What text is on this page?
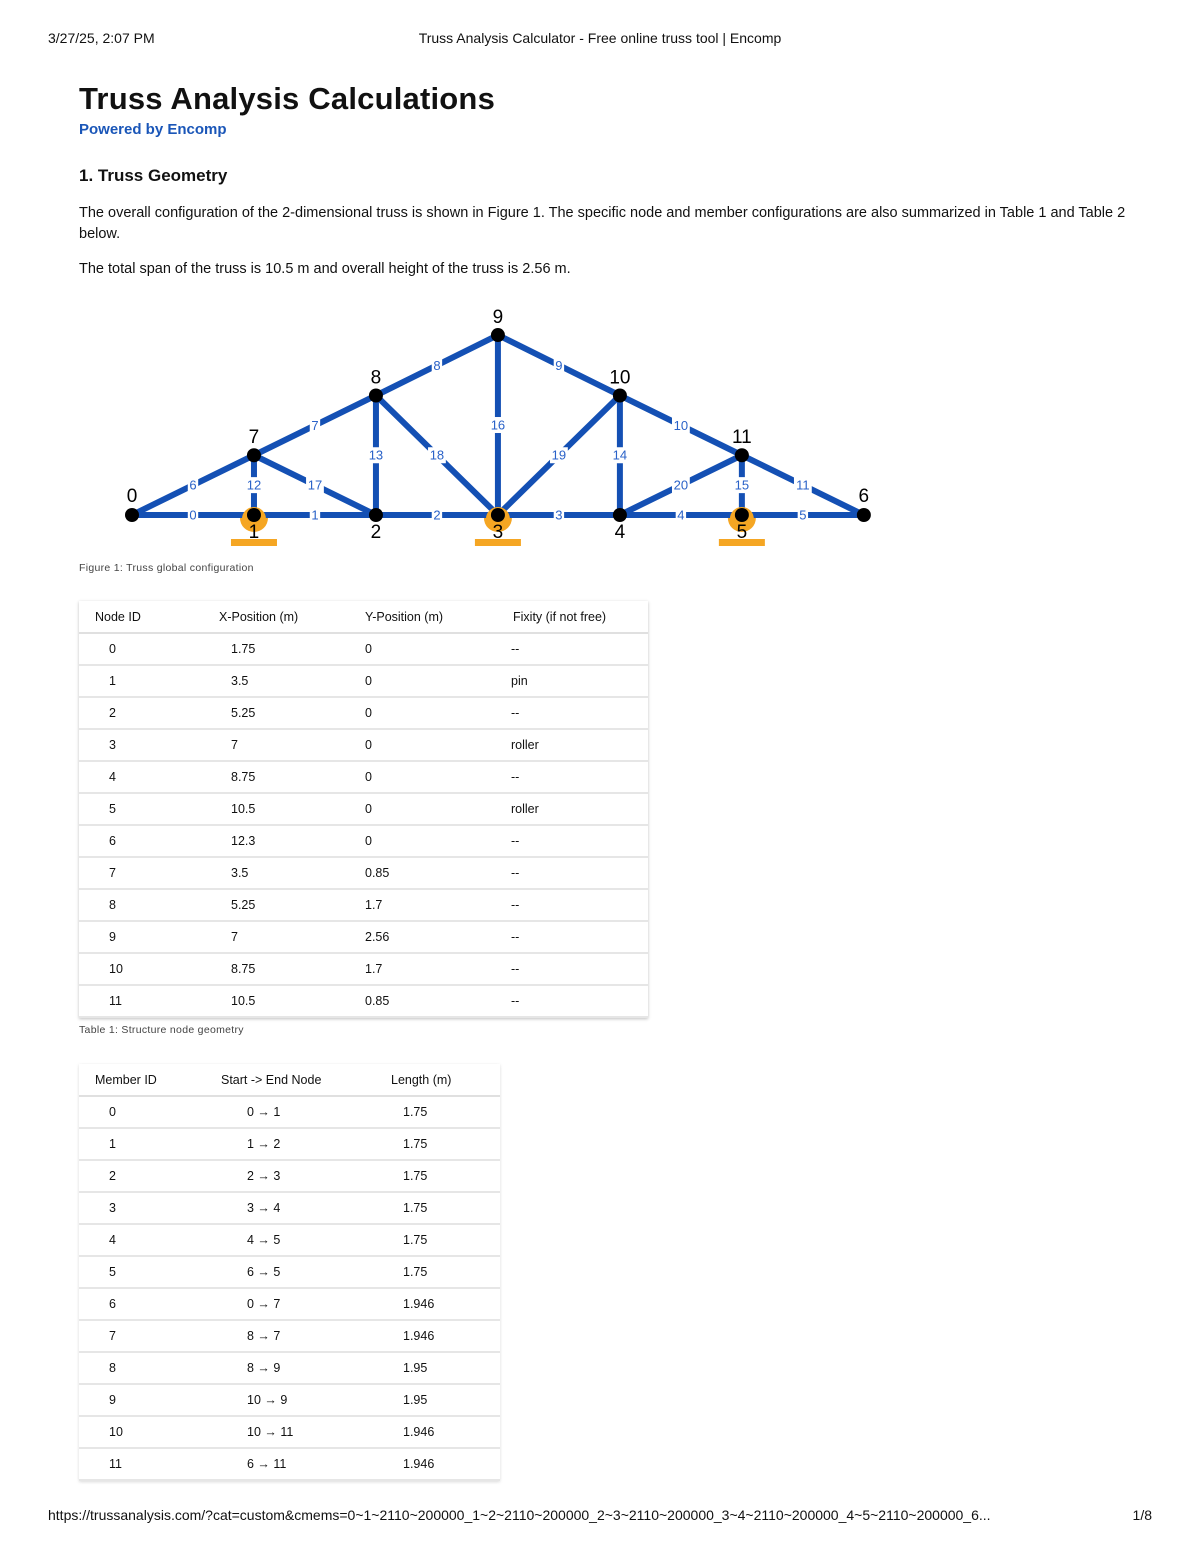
3/27/25, 2:07 PM	Truss Analysis Calculator - Free online truss tool | Encomp
Truss Analysis Calculations
Powered by Encomp
1. Truss Geometry

The overall configuration of the 2-dimensional truss is shown in Figure 1. The specific node and member configurations are also summarized in Table 1 and Table 2 below.

The total span of the truss is 10.5 m and overall height of the truss is 2.56 m.

0	1	2	3	4	5
6
7
8	9
10
11
12
13	14
15
16
17
18	19
20
0
1	2	3	4	5
6
7
8
9
10
11
Figure 1: Truss global configuration
Node ID	X-Position (m)	Y-Position (m)	Fixity (if not free)
0	1.75	0	--
1	3.5	0	pin
2	5.25	0	--
3	7	0	roller
4	8.75	0	--
5	10.5	0	roller
6	12.3	0	--
7	3.5	0.85	--
8	5.25	1.7	--
9	7	2.56	--
10	8.75	1.7	--
11	10.5	0.85	--
Table 1: Structure node geometry
Member ID	Start -> End Node	Length (m)
0	0 → 1	1.75
1	1 → 2	1.75
2	2 → 3	1.75
3	3 → 4	1.75
4	4 → 5	1.75
5	6 → 5	1.75
6	0 → 7	1.946
7	8 → 7	1.946
8	8 → 9	1.95
9	10 → 9	1.95
10	10 → 11	1.946
11	6 → 11	1.946
https://trussanalysis.com/?cat=custom&cmems=0~1~2110~200000_1~2~2110~200000_2~3~2110~200000_3~4~2110~200000_4~5~2110~200000_6...	1/8
